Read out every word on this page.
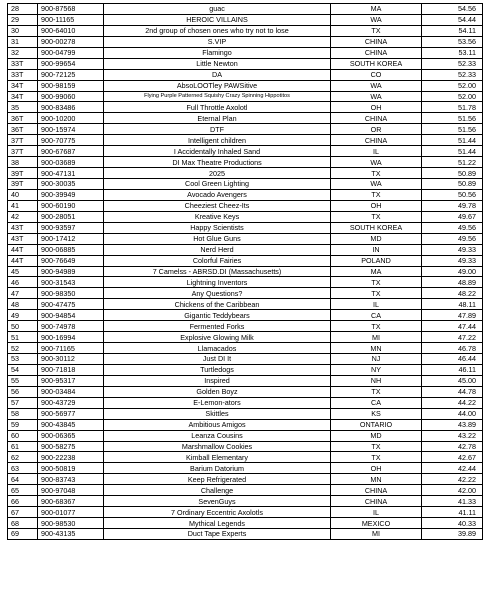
28	900-87568	guac	MA	54.56
29	900-11165	HEROIC VILLAINS	WA	54.44
30	900-64010	2nd group of chosen ones who try not to lose	TX	54.11
31	900-00278	S.VIP	CHINA	53.56
32	900-04799	Flamingo	CHINA	53.11
33T	900-99654	Little Newton	SOUTH KOREA	52.33
33T	900-72125	DA	CO	52.33
34T	900-98159	AbsoLOOTley PAWSitive	WA	52.00
34T	900-99060	Flying Purple Patterned Squishy Crazy Spinning Hippotitos	WA	52.00
35	900-83486	Full Throttle Axolotl	OH	51.78
36T	900-10200	Eternal Plan	CHINA	51.56
36T	900-15974	DTF	OR	51.56
37T	900-70775	Intelligent children	CHINA	51.44
37T	900-67687	I Accidentally Inhaled Sand	IL	51.44
38	900-03689	DI Max Theatre Productions	WA	51.22
39T	900-47131	2025	TX	50.89
39T	900-30035	Cool Green Lighting	WA	50.89
40	900-39949	Avocado Avengers	TX	50.56
41	900-60190	Cheeziest Cheez-Its	OH	49.78
42	900-28051	Kreative Keys	TX	49.67
43T	900-93597	Happy Scientists	SOUTH KOREA	49.56
43T	900-17412	Hot Glue Guns	MD	49.56
44T	900-06885	Nerd Herd	IN	49.33
44T	900-76649	Colorful Fairies	POLAND	49.33
45	900-94989	7 Camelss - ABRSD.DI (Massachusetts)	MA	49.00
46	900-31543	Lightning Inventors	TX	48.89
47	900-98350	Any Questions?	TX	48.22
48	900-47475	Chickens of the Caribbean	IL	48.11
49	900-94854	Gigantic Teddybears	CA	47.89
50	900-74978	Fermented Forks	TX	47.44
51	900-16994	Explosive Glowing Milk	MI	47.22
52	900-71165	Llamacados	MN	46.78
53	900-30112	Just DI It	NJ	46.44
54	900-71818	Turtledogs	NY	46.11
55	900-95317	Inspired	NH	45.00
56	900-03484	Golden Boyz	TX	44.78
57	900-43729	E-Lemon-ators	CA	44.22
58	900-56977	Skittles	KS	44.00
59	900-43845	Ambitious Amigos	ONTARIO	43.89
60	900-06365	Leanza Cousins	MD	43.22
61	900-58275	Marshmallow Cookies	TX	42.78
62	900-22238	Kimball Elementary	TX	42.67
63	900-50819	Barium Datorium	OH	42.44
64	900-83743	Keep Refrigerated	MN	42.22
65	900-97048	Challenge	CHINA	42.00
66	900-68367	SevenGuys	CHINA	41.33
67	900-01077	7 Ordinary Eccentric Axolotls	IL	41.11
68	900-98530	Mythical Legends	MEXICO	40.33
69	900-43135	Duct Tape Experts	MI	39.89
